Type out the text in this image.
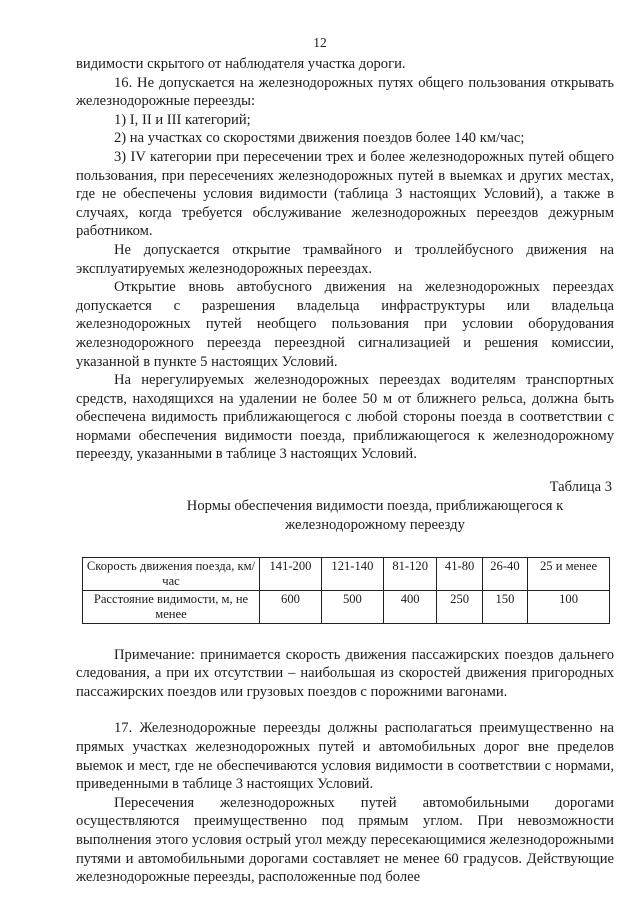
12

видимости скрытого от наблюдателя участка дороги.

16. Не допускается на железнодорожных путях общего пользования открывать железнодорожные переезды:

1) I, II и III категорий;

2) на участках со скоростями движения поездов более 140 км/час;

3) IV категории при пересечении трех и более железнодорожных путей общего пользования, при пересечениях железнодорожных путей в выемках и других местах, где не обеспечены условия видимости (таблица 3 настоящих Условий), а также в случаях, когда требуется обслуживание железнодорожных переездов дежурным работником.

Не допускается открытие трамвайного и троллейбусного движения на эксплуатируемых железнодорожных переездах.

Открытие вновь автобусного движения на железнодорожных переездах допускается с разрешения владельца инфраструктуры или владельца железнодорожных путей необщего пользования при условии оборудования железнодорожного переезда переездной сигнализацией и решения комиссии, указанной в пункте 5 настоящих Условий.

На нерегулируемых железнодорожных переездах водителям транспортных средств, находящихся на удалении не более 50 м от ближнего рельса, должна быть обеспечена видимость приближающегося с любой стороны поезда в соответствии с нормами обеспечения видимости поезда, приближающегося к железнодорожному переезду, указанными в таблице 3 настоящих Условий.

Таблица 3

Нормы обеспечения видимости поезда, приближающегося к

железнодорожному переезду

Скорость движения поезда, км/час	141-200	121-140	81-120	41-80	26-40	25 и менее
Расстояние видимости, м, не менее	600	500	400	250	150	100

Примечание: принимается скорость движения пассажирских поездов дальнего следования, а при их отсутствии – наибольшая из скоростей движения пригородных пассажирских поездов или грузовых поездов с порожними вагонами.

17. Железнодорожные переезды должны располагаться преимущественно на прямых участках железнодорожных путей и автомобильных дорог вне пределов выемок и мест, где не обеспечиваются условия видимости в соответствии с нормами, приведенными в таблице 3 настоящих Условий.

Пересечения железнодорожных путей автомобильными дорогами осуществляются преимущественно под прямым углом. При невозможности выполнения этого условия острый угол между пересекающимися железнодорожными путями и автомобильными дорогами составляет не менее 60 градусов. Действующие железнодорожные переезды, расположенные под более
